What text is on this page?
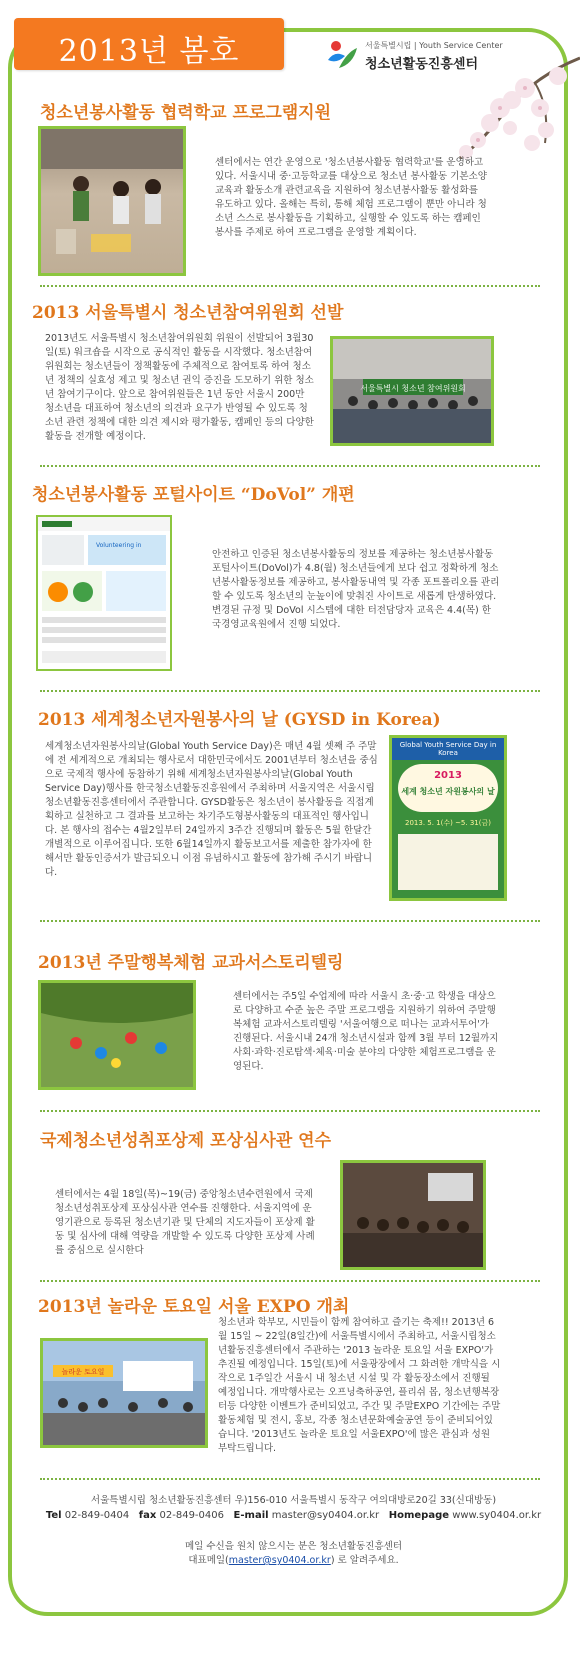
2013년 봄호	서울특별시립 | Youth Service Center
청소년활동진흥센터
청소년봉사활동 협력학교 프로그램지원
센터에서는 연간 운영으로 '청소년봉사활동 협력학교'를 운영하고 있다. 서울시내 중·고등학교를 대상으로 청소년 봉사활동 기본소양교육과 활동소개 관련교육을 지원하여 청소년봉사활동 활성화를 유도하고 있다. 올해는 특히, 통해 체험 프로그램이 뿐만 아니라 청소년 스스로 봉사활동을 기획하고, 실행할 수 있도록 하는 캠페인 봉사를 주제로 하여 프로그램을 운영할 계획이다.
2013 서울특별시 청소년참여위원회 선발
2013년도 서울특별시 청소년참여위원회 위원이 선발되어 3월30일(토) 워크숍을 시작으로 공식적인 활동을 시작했다. 청소년참여위원회는 청소년들이 정책활동에 주체적으로 참여토록 하여 청소년 정책의 실효성 제고 및 청소년 권익 증진을 도모하기 위한 청소년 참여기구이다. 앞으로 참여위원들은 1년 동안 서울시 200만 청소년을 대표하여 청소년의 의견과 요구가 반영될 수 있도록 청소년 관련 정책에 대한 의견 제시와 평가활동, 캠페인 등의 다양한 활동을 전개할 예정이다.
서울특별시 청소년 참여위원회
청소년봉사활동 포털사이트 “DoVol” 개편
Volunteering in
안전하고 인증된 청소년봉사활동의 정보를 제공하는 청소년봉사활동 포털사이트(DoVol)가 4.8(월) 청소년들에게 보다 쉽고 정확하게 청소년봉사활동정보를 제공하고, 봉사활동내역 및 각종 포트폴리오를 관리할 수 있도록 청소년의 눈높이에 맞춰진 사이트로 새롭게 탄생하였다. 변경된 규정 및 DoVol 시스템에 대한 터전담당자 교육은 4.4(목) 한국경영교육원에서 진행 되었다.
2013 세계청소년자원봉사의 날 (GYSD in Korea)
세계청소년자원봉사의날(Global Youth Service Day)은 매년 4월 셋째 주 주말에 전 세계적으로 개최되는 행사로서 대한민국에서도 2001년부터 청소년을 중심으로 국제적 행사에 동참하기 위해 세계청소년자원봉사의날(Global Youth Service Day)행사를 한국청소년활동진흥원에서 주최하며 서울지역은 서울시립청소년활동진흥센터에서 주관합니다. GYSD활동은 청소년이 봉사활동을 직접계획하고 실천하고 그 결과를 보고하는 차기주도형봉사활동의 대표적인 행사입니다. 본 행사의 접수는 4월2일부터 24일까지 3주간 진행되며 활동은 5월 한달간 개별적으로 이루어집니다. 또한 6월14일까지 활동보고서를 제출한 참가자에 한해서만 활동인증서가 발급되오니 이점 유념하시고 활동에 참가해 주시기 바랍니다.
Global Youth Service Day in Korea
2013
세계 청소년 자원봉사의 날
2013. 5. 1(수) ~5. 31(금)
2013년 주말행복체험 교과서스토리텔링
센터에서는 주5일 수업제에 따라 서울시 초·중·고 학생을 대상으로 다양하고 수준 높은 주말 프로그램을 지원하기 위하여 주말행복체험 교과서스토리텔링 '서울여행으로 떠나는 교과서투어'가 진행된다. 서울시내 24개 청소년시설과 함께 3월 부터 12월까지 사회·과학·진로탐색·체육·미술 분야의 다양한 체험프로그램을 운영된다.
국제청소년성취포상제 포상심사관 연수
센터에서는 4월 18일(목)~19(금) 중앙청소년수련원에서 국제청소년성취포상제 포상심사관 연수를 진행한다. 서울지역에 운영기관으로 등록된 청소년기관 및 단체의 지도자들이 포상제 활동 및 심사에 대해 역량을 개발할 수 있도록 다양한 포상제 사례를 중심으로 실시한다
2013년 놀라운 토요일 서울 EXPO 개최
놀라운 토요일
청소년과 학부모, 시민들이 함께 참여하고 즐기는 축제!! 2013년 6월 15일 ~ 22일(8일간)에 서울특별시에서 주최하고, 서울시립청소년활동진흥센터에서 주관하는 '2013 놀라운 토요일 서울 EXPO'가 추진될 예정입니다. 15일(토)에 서울광장에서 그 화려한 개막식을 시작으로 1주일간 서울시 내 청소년 시설 및 각 활동장소에서 진행될 예정입니다. 개막행사로는 오프닝축하공연, 플리쉬 몹, 청소년행복장터등 다양한 이벤트가 준비되었고, 주간 및 주말EXPO 기간에는 주말활동체험 및 전시, 홍보, 각종 청소년문화예술공연 등이 준비되어있습니다. '2013년도 놀라운 토요일 서울EXPO'에 많은 관심과 성원 부탁드립니다.
서울특별시립 청소년활동진흥센터 우)156-010 서울특별시 동작구 여의대방로20길 33(신대방동)
Tel 02-849-0404 fax 02-849-0406 E-mail master@sy0404.or.kr Homepage www.sy0404.or.kr
메일 수신을 원치 않으시는 분은 청소년활동진흥센터
대표메일(master@sy0404.or.kr) 로 알려주세요.
